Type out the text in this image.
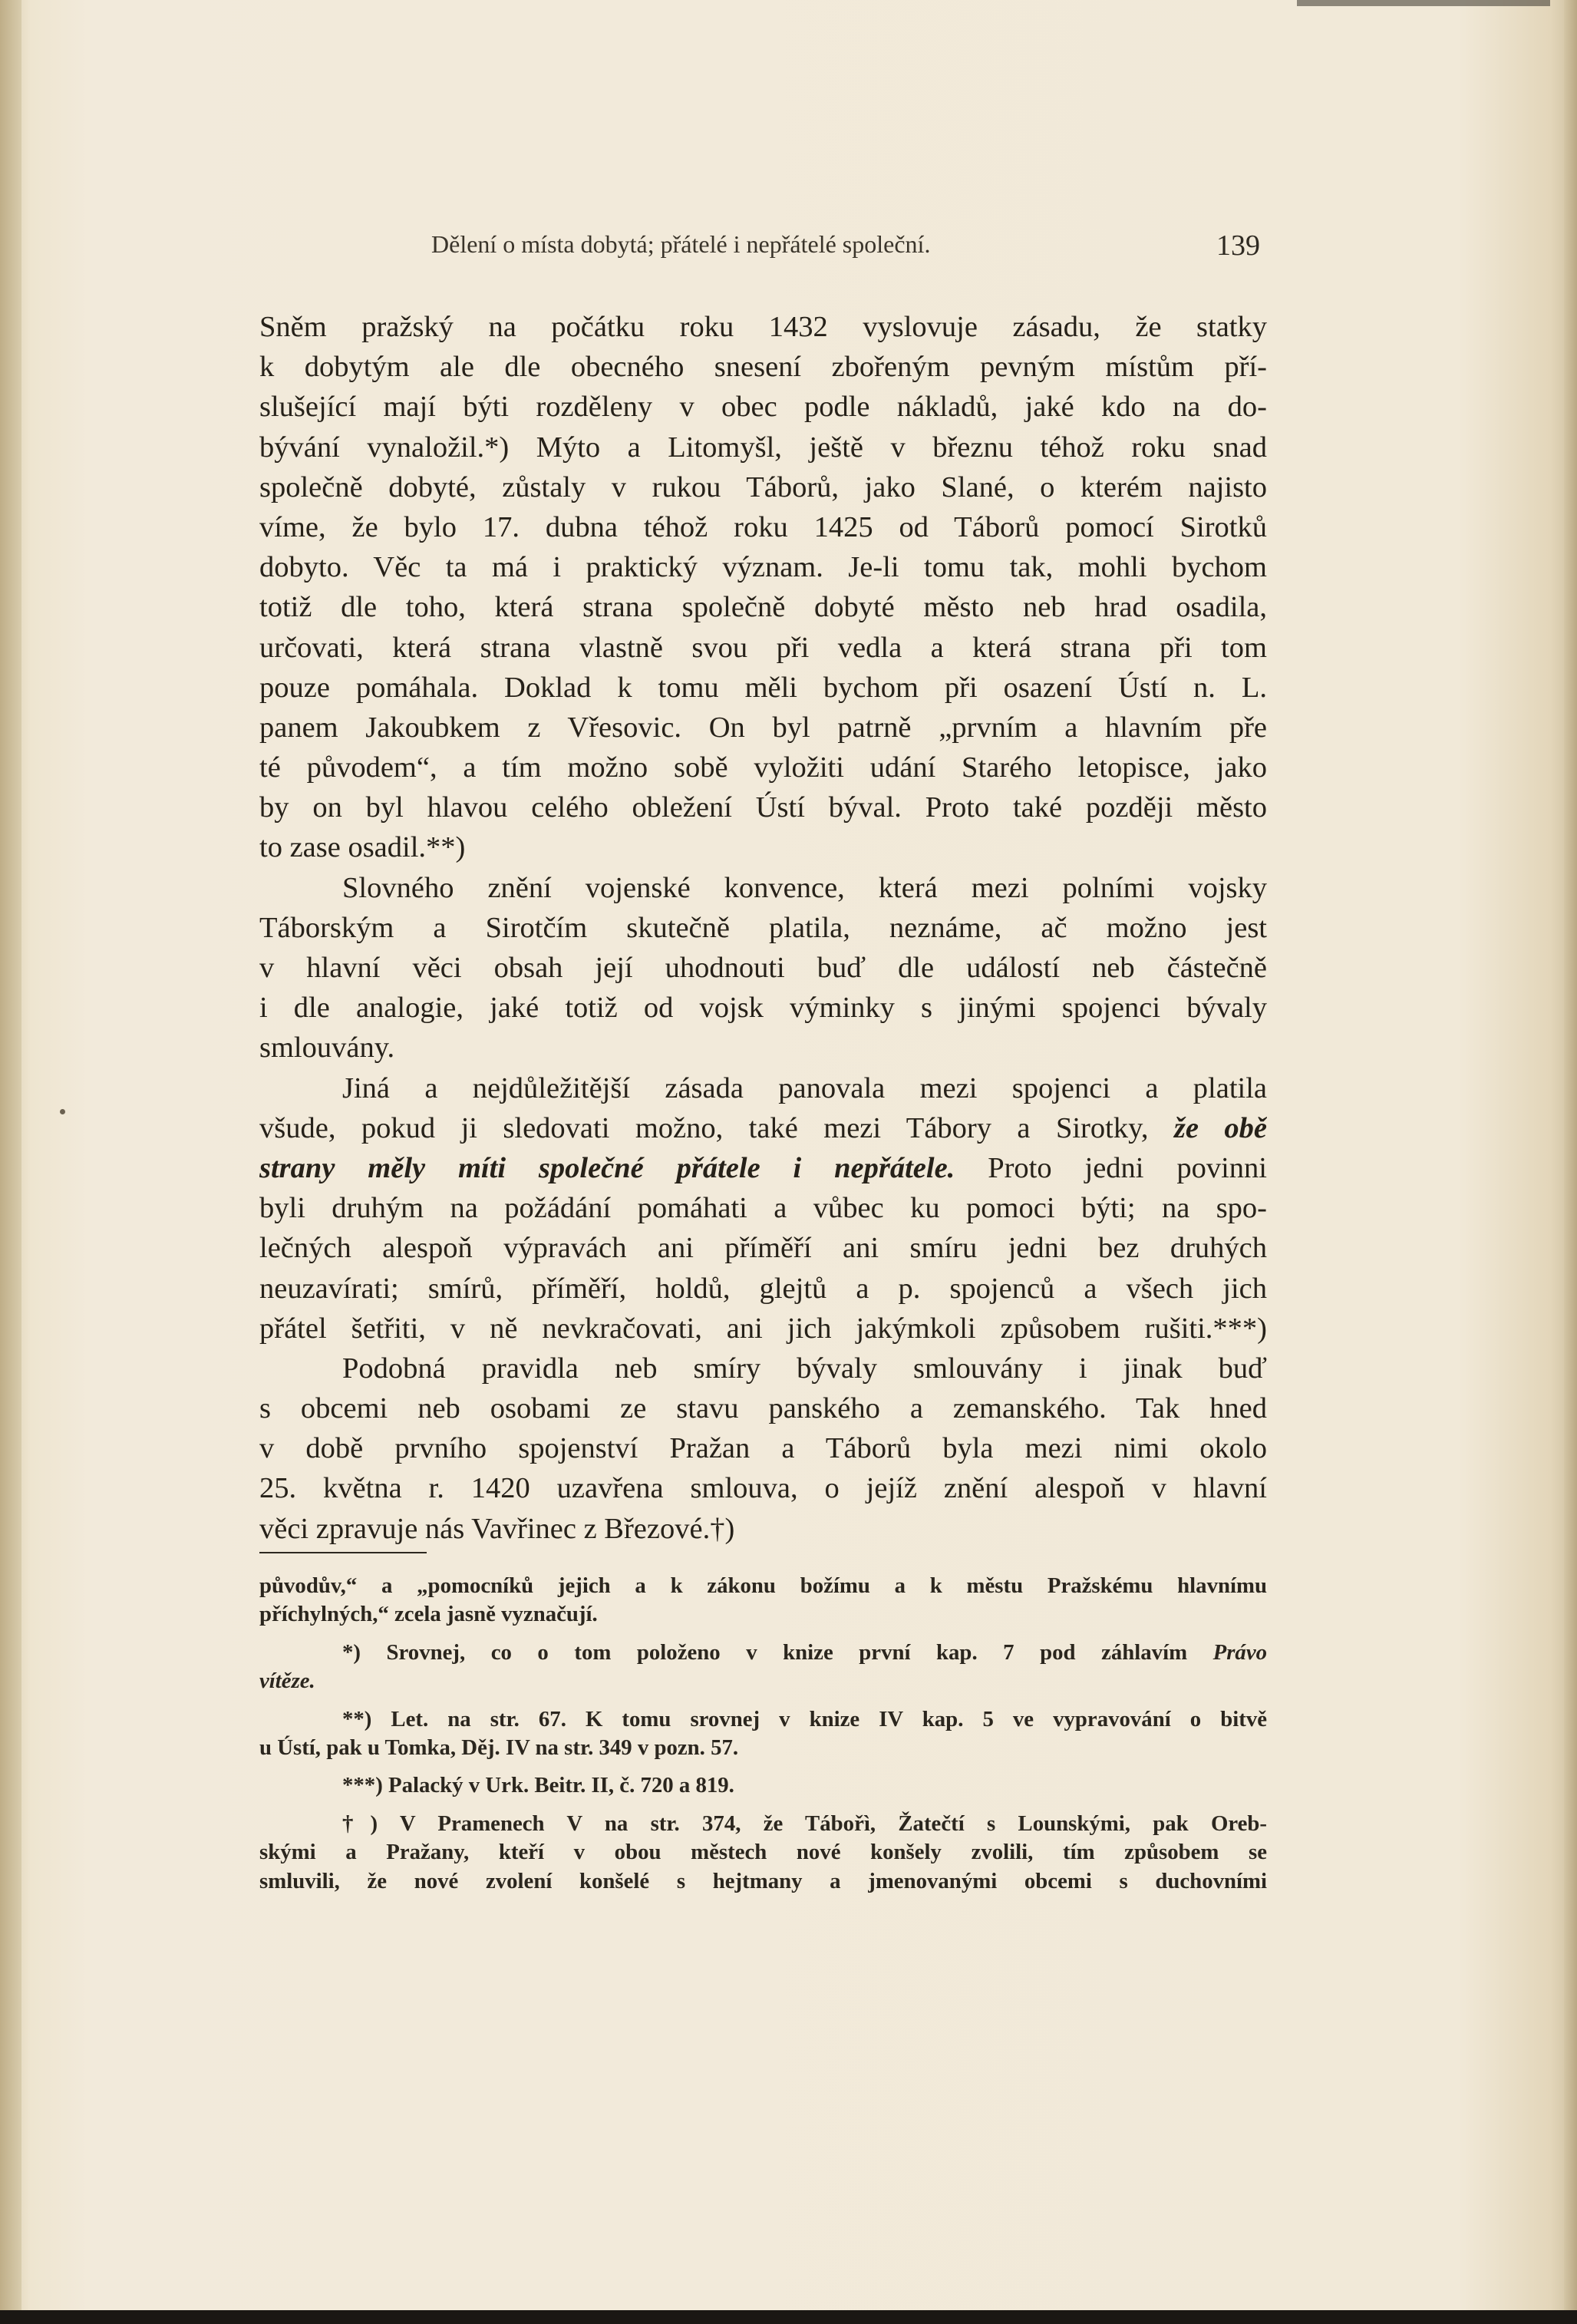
Dělení o místa dobytá; přátelé i nepřátelé společní.	139
Sněm pražský na počátku roku 1432 vyslovuje zásadu, že statky
k dobytým ale dle obecného snesení zbořeným pevným místům pří-
slušející mají býti rozděleny v obec podle nákladů, jaké kdo na do-
bývání vynaložil.*) Mýto a Litomyšl, ještě v březnu téhož roku snad
společně dobyté, zůstaly v rukou Táborů, jako Slané, o kterém najisto
víme, že bylo 17. dubna téhož roku 1425 od Táborů pomocí Sirotků
dobyto. Věc ta má i praktický význam. Je-li tomu tak, mohli bychom
totiž dle toho, která strana společně dobyté město neb hrad osadila,
určovati, která strana vlastně svou při vedla a která strana při tom
pouze pomáhala. Doklad k tomu měli bychom při osazení Ústí n. L.
panem Jakoubkem z Vřesovic. On byl patrně „prvním a hlavním pře
té původem“, a tím možno sobě vyložiti udání Starého letopisce, jako
by on byl hlavou celého obležení Ústí býval. Proto také později město
to zase osadil.**)
Slovného znění vojenské konvence, která mezi polními vojsky
Táborským a Sirotčím skutečně platila, neznáme, ač možno jest
v hlavní věci obsah její uhodnouti buď dle událostí neb částečně
i dle analogie, jaké totiž od vojsk výminky s jinými spojenci bývaly
smlouvány.
Jiná a nejdůležitější zásada panovala mezi spojenci a platila
všude, pokud ji sledovati možno, také mezi Tábory a Sirotky, že obě
strany měly míti společné přátele i nepřátele. Proto jedni povinni
byli druhým na požádání pomáhati a vůbec ku pomoci býti; na spo-
lečných alespoň výpravách ani příměří ani smíru jedni bez druhých
neuzavírati; smírů, příměří, holdů, glejtů a p. spojenců a všech jich
přátel šetřiti, v ně nevkračovati, ani jich jakýmkoli způsobem rušiti.***)
Podobná pravidla neb smíry bývaly smlouvány i jinak buď
s obcemi neb osobami ze stavu panského a zemanského. Tak hned
v době prvního spojenství Pražan a Táborů byla mezi nimi okolo
25. května r. 1420 uzavřena smlouva, o jejíž znění alespoň v hlavní
věci zpravuje nás Vavřinec z Březové.†)
původův,“ a „pomocníků jejich a k zákonu božímu a k městu Pražskému hlavnímu
příchylných,“ zcela jasně vyznačují.
*) Srovnej, co o tom položeno v knize první kap. 7 pod záhlavím Právo
vítěze.
**) Let. na str. 67. K tomu srovnej v knize IV kap. 5 ve vypravování o bitvě
u Ústí, pak u Tomka, Děj. IV na str. 349 v pozn. 57.
***) Palacký v Urk. Beitr. II, č. 720 a 819.
†) V Pramenech V na str. 374, že Tábořì, Žatečtí s Lounskými, pak Oreb-
skými a Pražany, kteří v obou městech nové konšely zvolili, tím způsobem se
smluvili, že nové zvolení konšelé s hejtmany a jmenovanými obcemi s duchovními
